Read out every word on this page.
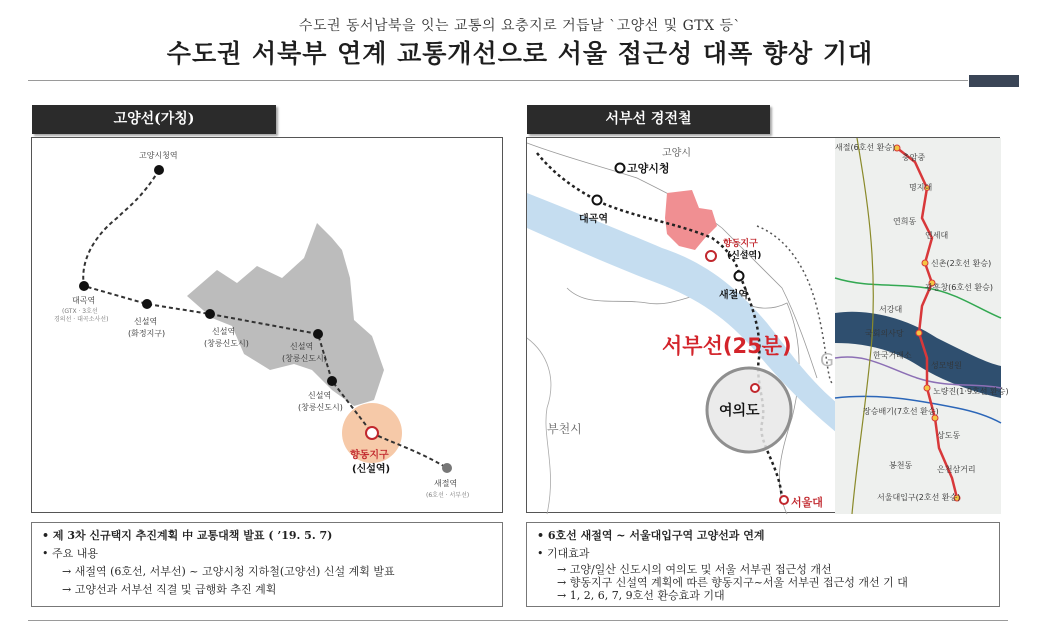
수도권 동서남북을 잇는 교통의 요충지로 거듭날 `고양선 및 GTX 등`
수도권 서북부 연계 교통개선으로 서울 접근성 대폭 향상 기대
고양선(가칭)
고양시청역
대곡역
(GTX · 3호선
경의선 · 대곡소사선)	신설역
(화정지구)	신설역
(창릉신도시)	신설역
(창릉신도시)
신설역
(창릉신도시)
향동지구
(신설역)
새절역
(6호선 · 서부선)
• 제 3차 신규택지 추진계획 中 교통대책 발표 ( ’19. 5. 7)
• 주요 내용
→ 새절역 (6호선, 서부선) ~ 고양시청 지하철(고양선) 신설 계획 발표
→ 고양선과 서부선 직결 및 급행화 추진 계획
서부선 경전철
고양시
고양시청
대곡역
향동지구
(신설역)
새절역
서부선(25분)
여의도
부천시
서울대
G
새절(6호선 환승)
충암중
명지대
연희동
연세대
신촌(2호선 환승)
광흥창(6호선 환승)
서강대
국회의사당
한국거래소
성모병원
노량진(1·9호선 환승)
장승배기(7호선 환승)
상도동
봉천동	은천삼거리
서울대입구(2호선 환승)
• 6호선 새절역 ~ 서울대입구역 고양선과 연계
• 기대효과
→ 고양/일산 신도시의 여의도 및 서울 서부권 접근성 개선
→ 향동지구 신설역 계획에 따른 향동지구~서울 서부권 접근성 개선 기 대
→ 1, 2, 6, 7, 9호선 환승효과 기대
